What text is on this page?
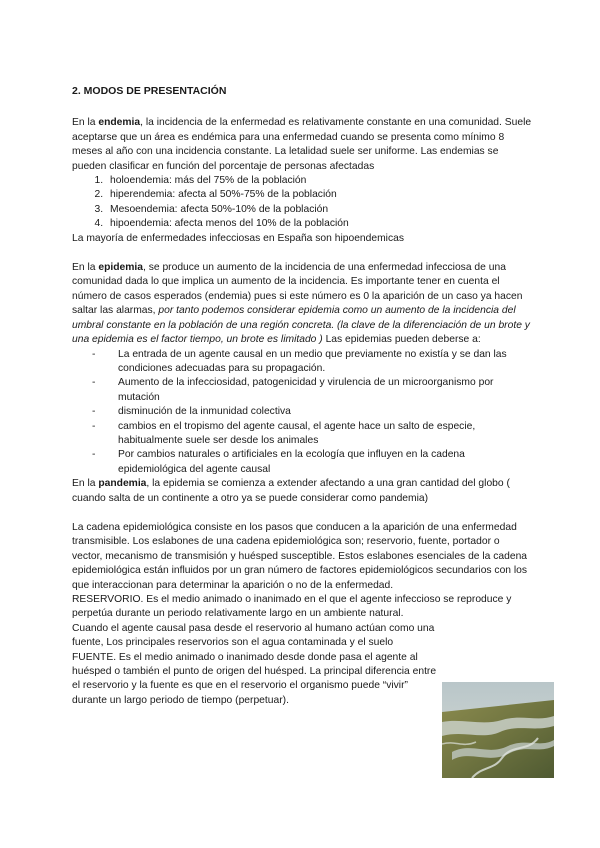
2. MODOS DE PRESENTACIÓN

En la endemia, la incidencia de la enfermedad es relativamente constante en una comunidad. Suele aceptarse que un área es endémica para una enfermedad cuando se presenta como mínimo 8 meses al año con una incidencia constante. La letalidad suele ser uniforme. Las endemias se pueden clasificar en función del porcentaje de personas afectadas

1. holoendemia: más del 75% de la población
2. hiperendemia: afecta al 50%-75% de la población
3. Mesoendemia: afecta 50%-10% de la población
4. hipoendemia: afecta menos del 10% de la población

La mayoría de enfermedades infecciosas en España son hipoendemicas

En la epidemia, se produce un aumento de la incidencia de una enfermedad infecciosa de una comunidad dada lo que implica un aumento de la incidencia. Es importante tener en cuenta el número de casos esperados (endemia) pues si este número es 0 la aparición de un caso ya hacen saltar las alarmas, por tanto podemos considerar epidemia como un aumento de la incidencia del umbral constante en la población de una región concreta. (la clave de la diferenciación de un brote y una epidemia es el factor tiempo, un brote es limitado ) Las epidemias pueden deberse a:

- La entrada de un agente causal en un medio que previamente no existía y se dan las condiciones adecuadas para su propagación.
- Aumento de la infecciosidad, patogenicidad y virulencia de un microorganismo por mutación
- disminución de la inmunidad colectiva
- cambios en el tropismo del agente causal, el agente hace un salto de especie, habitualmente suele ser desde los animales
- Por cambios naturales o artificiales en la ecología que influyen en la cadena epidemiológica del agente causal

En la pandemia, la epidemia se comienza a extender afectando a una gran cantidad del globo ( cuando salta de un continente a otro ya se puede considerar como pandemia)

La cadena epidemiológica consiste en los pasos que conducen a la aparición de una enfermedad transmisible. Los eslabones de una cadena epidemiológica son; reservorio, fuente, portador o vector, mecanismo de transmisión y huésped susceptible. Estos eslabones esenciales de la cadena epidemiológica están influidos por un gran número de factores epidemiológicos secundarios con los que interaccionan para determinar la aparición o no de la enfermedad.

RESERVORIO. Es el medio animado o inanimado en el que el agente infeccioso se reproduce y perpetúa durante un periodo relativamente largo en un ambiente natural.

Cuando el agente causal pasa desde el reservorio al humano actúan como una fuente, Los principales reservorios son el agua contaminada y el suelo

FUENTE. Es el medio animado o inanimado desde donde pasa el agente al huésped o también el punto de origen del huésped. La principal diferencia entre el reservorio y la fuente es que en el reservorio el organismo puede “vivir” durante un largo periodo de tiempo (perpetuar).
